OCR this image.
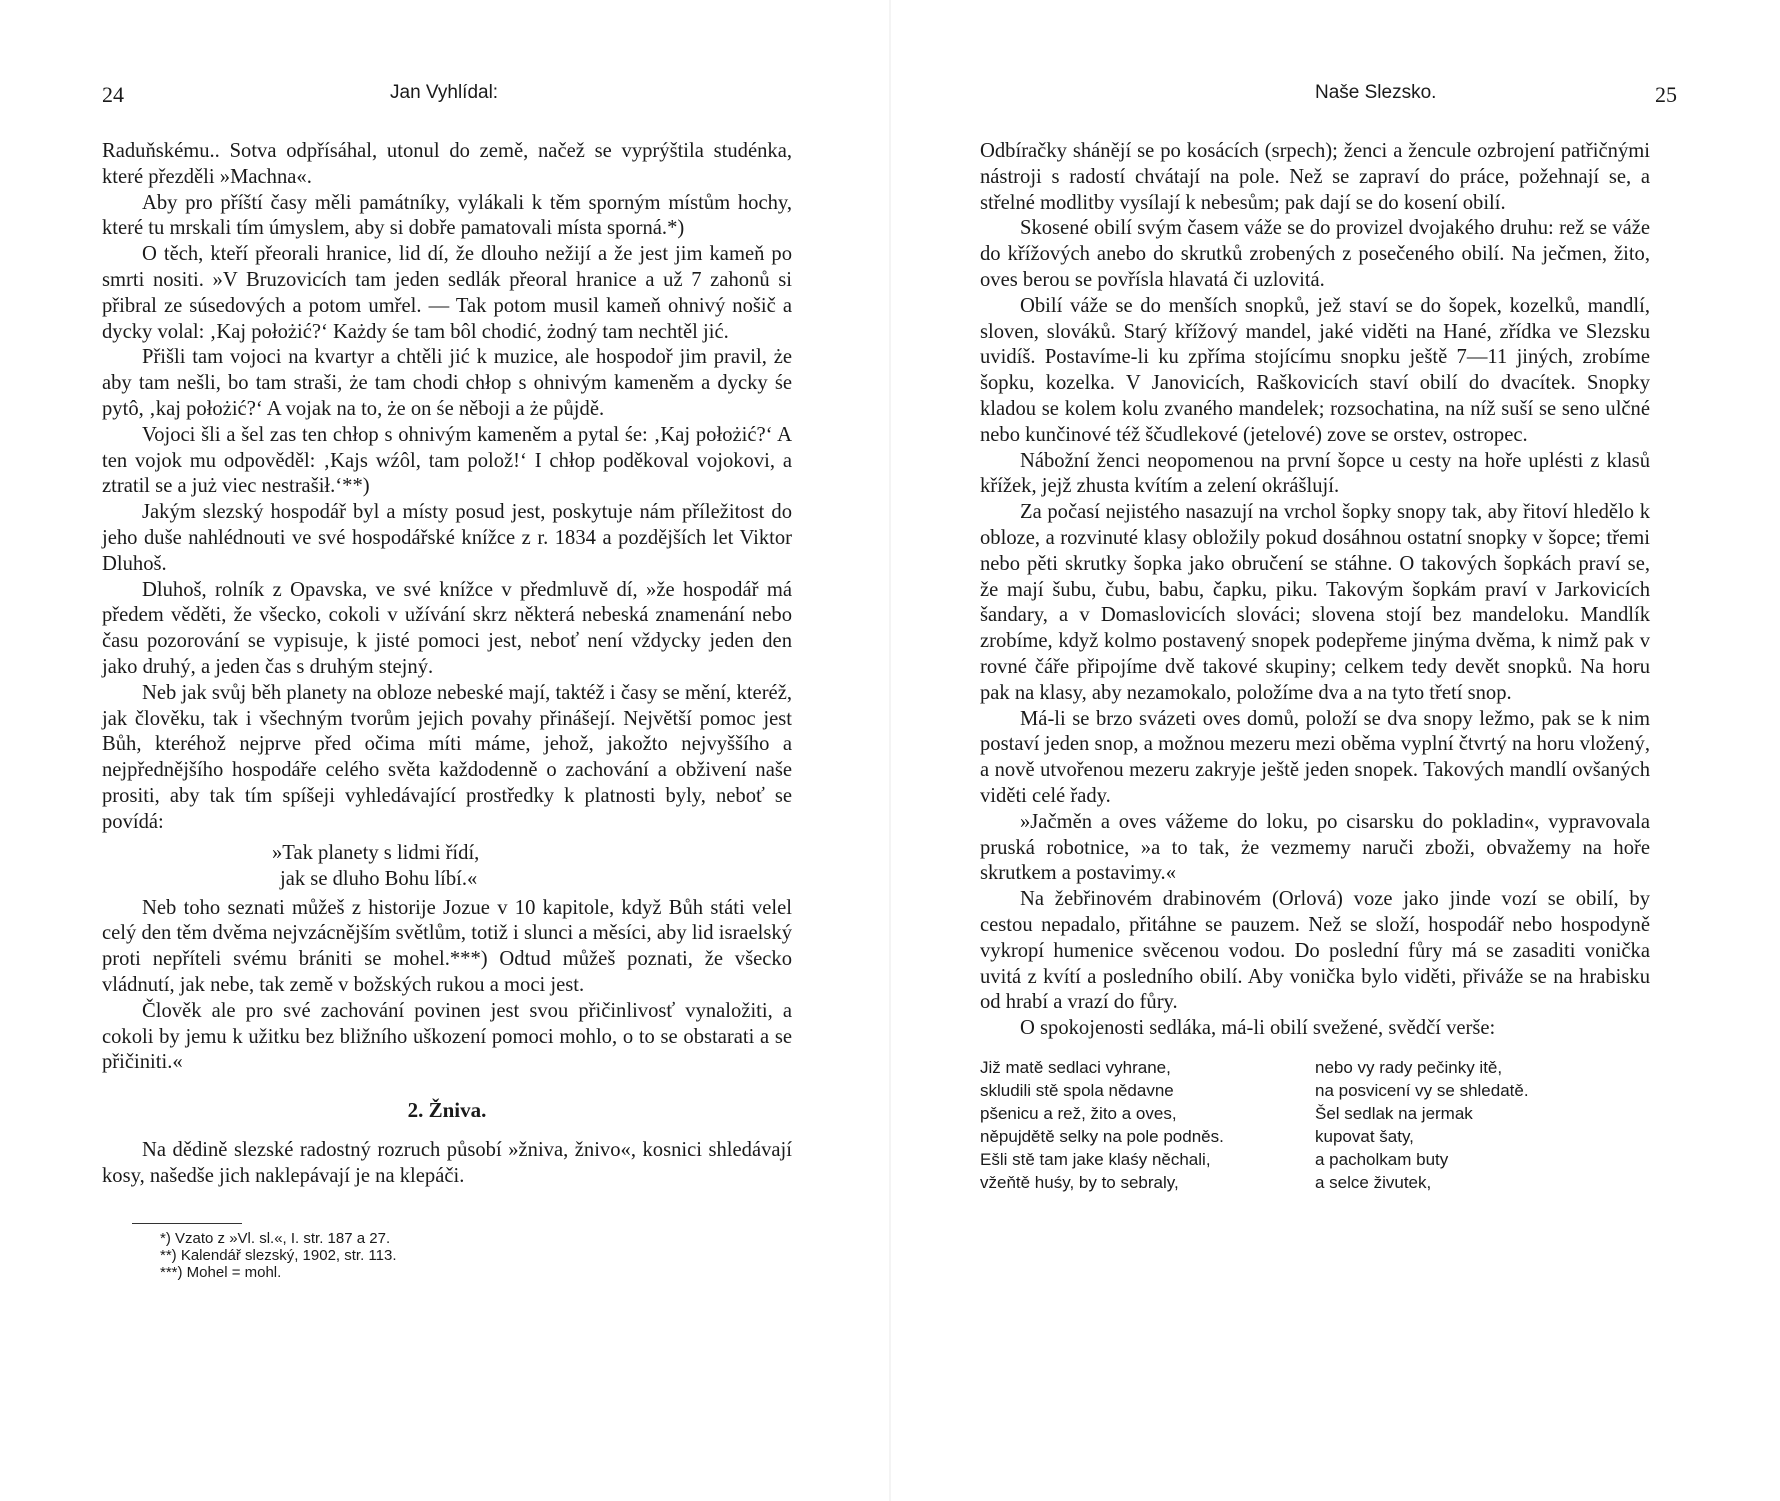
24	Jan Vyhlídal:

Raduňskému.. Sotva odpřísáhal, utonul do země, načež se vyprýštila studénka, které přezděli »Machna«.

Aby pro příští časy měli památníky, vylákali k těm sporným místům hochy, které tu mrskali tím úmyslem, aby si dobře pamatovali místa sporná.*)

O těch, kteří přeorali hranice, lid dí, že dlouho nežijí a že jest jim kameň po smrti nositi. »V Bruzovicích tam jeden sedlák přeoral hranice a už 7 zahonů si přibral ze súsedových a potom umřel. — Tak potom musil kameň ohnivý nošič a dycky volal: ‚Kaj położić?‘ Każdy śe tam bôl chodić, żodný tam nechtěl jić.

Přišli tam vojoci na kvartyr a chtěli jić k muzice, ale hospodoř jim pravil, że aby tam nešli, bo tam straši, że tam chodi chłop s ohnivým kameněm a dycky śe pytô, ‚kaj położić?‘ A vojak na to, że on śe něboji a że půjdě.

Vojoci šli a šel zas ten chłop s ohnivým kameněm a pytal śe: ‚Kaj położić?‘ A ten vojok mu odpověděl: ‚Kajs wźôl, tam polož!‘ I chłop poděkoval vojokovi, a ztratil se a już viec nestrašił.‘**)

Jakým slezský hospodář byl a místy posud jest, poskytuje nám příležitost do jeho duše nahlédnouti ve své hospodářské knížce z r. 1834 a pozdějších let Viktor Dluhoš.

Dluhoš, rolník z Opavska, ve své knížce v předmluvě dí, »že hospodář má předem věděti, že všecko, cokoli v užívání skrz některá nebeská znamenání nebo času pozorování se vypisuje, k jisté pomoci jest, neboť není vždycky jeden den jako druhý, a jeden čas s druhým stejný.

Neb jak svůj běh planety na obloze nebeské mají, taktéž i časy se mění, kteréž, jak člověku, tak i všechným tvorům jejich povahy přinášejí. Největší pomoc jest Bůh, kteréhož nejprve před očima míti máme, jehož, jakožto nejvyššího a nejpřednějšího hospodáře celého světa každodenně o zachování a obživení naše prositi, aby tak tím spíšeji vyhledávající prostředky k platnosti byly, neboť se povídá:

»Tak planety s lidmi řídí,
jak se dluho Bohu líbí.«

Neb toho seznati můžeš z historije Jozue v 10 kapitole, když Bůh státi velel celý den těm dvěma nejvzácnějším světlům, totiž i slunci a měsíci, aby lid israelský proti nepříteli svému brániti se mohel.***) Odtud můžeš poznati, že všecko vládnutí, jak nebe, tak země v božských rukou a moci jest.

Člověk ale pro své zachování povinen jest svou přičinlivosť vynaložiti, a cokoli by jemu k užitku bez bližního uškození pomoci mohlo, o to se obstarati a se přičiniti.«

2. Žniva.

Na dědině slezské radostný rozruch působí »žniva, žnivo«, kosnici shledávají kosy, našedše jich naklepávají je na klepáči.

*) Vzato z »Vl. sl.«, I. str. 187 a 27.
**) Kalendář slezský, 1902, str. 113.
***) Mohel = mohl.
Naše Slezsko.	25

Odbíračky shánějí se po kosácích (srpech); ženci a žencule ozbrojení patřičnými nástroji s radostí chvátají na pole. Než se zapraví do práce, požehnají se, a střelné modlitby vysílají k nebesům; pak dají se do kosení obilí.

Skosené obilí svým časem váže se do provizel dvojakého druhu: rež se váže do křížových anebo do skrutků zrobených z posečeného obilí. Na ječmen, žito, oves berou se povřísla hlavatá či uzlovitá.

Obilí váže se do menších snopků, jež staví se do šopek, kozelků, mandlí, sloven, slováků. Starý křížový mandel, jaké viděti na Hané, zřídka ve Slezsku uvidíš. Postavíme-li ku zpříma stojícímu snopku ještě 7—11 jiných, zrobíme šopku, kozelka. V Janovicích, Raškovicích staví obilí do dvacítek. Snopky kladou se kolem kolu zvaného mandelek; rozsochatina, na níž suší se seno ulčné nebo kunčinové též ščudlekové (jetelové) zove se orstev, ostropec.

Nábožní ženci neopomenou na první šopce u cesty na hoře uplésti z klasů křížek, jejž zhusta kvítím a zelení okrášlují.

Za počasí nejistého nasazují na vrchol šopky snopy tak, aby řitoví hledělo k obloze, a rozvinuté klasy obložily pokud dosáhnou ostatní snopky v šopce; třemi nebo pěti skrutky šopka jako obručení se stáhne. O takových šopkách praví se, že mají šubu, čubu, babu, čapku, piku. Takovým šopkám praví v Jarkovicích šandary, a v Domaslovicích slováci; slovena stojí bez mandeloku. Mandlík zrobíme, když kolmo postavený snopek podepřeme jinýma dvěma, k nimž pak v rovné čáře připojíme dvě takové skupiny; celkem tedy devět snopků. Na horu pak na klasy, aby nezamokalo, položíme dva a na tyto třetí snop.

Má-li se brzo svázeti oves domů, položí se dva snopy ležmo, pak se k nim postaví jeden snop, a možnou mezeru mezi oběma vyplní čtvrtý na horu vložený, a nově utvořenou mezeru zakryje ještě jeden snopek. Takových mandlí ovšaných viděti celé řady.

»Jačměn a oves vážeme do loku, po cisarsku do pokladin«, vypravovala pruská robotnice, »a to tak, że vezmemy naruči zboži, obvažemy na hoře skrutkem a postavimy.«

Na žebřinovém drabinovém (Orlová) voze jako jinde vozí se obilí, by cestou nepadalo, přitáhne se pauzem. Než se složí, hospodář nebo hospodyně vykropí humenice svěcenou vodou. Do poslední fůry má se zasaditi vonička uvitá z kvítí a posledního obilí. Aby vonička bylo viděti, přiváže se na hrabisku od hrabí a vrazí do fůry.

O spokojenosti sedláka, má-li obilí svežené, svědčí verše:

Již matě sedlaci vyhrane,
skludili stě spola nědavne
pšenicu a rež, žito a oves,
něpujdětě selky na pole podněs.
Ešli stě tam jake klaśy něchali,
vžeňtě huśy, by to sebraly,
nebo vy rady pečinky itě,
na posvicení vy se shledatě.
Šel sedlak na jermak
kupovat šaty,
a pacholkam buty
a selce živutek,
